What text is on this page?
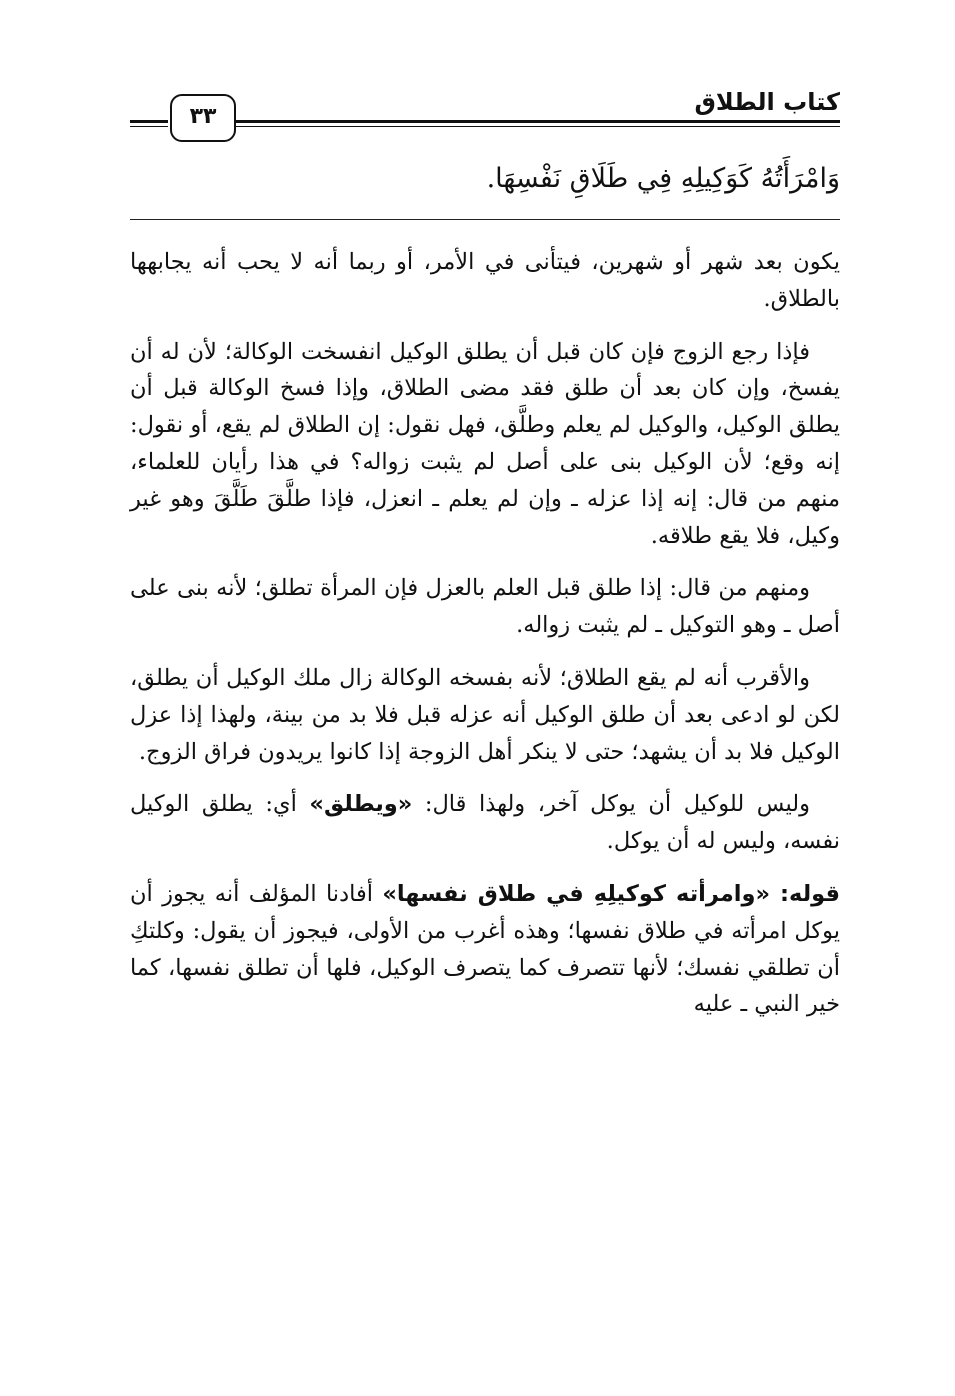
كتاب الطلاق
٣٣
وَامْرَأَتُهُ كَوَكِيلِهِ فِي طَلَاقِ نَفْسِهَا.

يكون بعد شهر أو شهرين، فيتأنى في الأمر، أو ربما أنه لا يحب أنه يجابهها بالطلاق.

فإذا رجع الزوج فإن كان قبل أن يطلق الوكيل انفسخت الوكالة؛ لأن له أن يفسخ، وإن كان بعد أن طلق فقد مضى الطلاق، وإذا فسخ الوكالة قبل أن يطلق الوكيل، والوكيل لم يعلم وطلَّق، فهل نقول: إن الطلاق لم يقع، أو نقول: إنه وقع؛ لأن الوكيل بنى على أصل لم يثبت زواله؟ في هذا رأيان للعلماء، منهم من قال: إنه إذا عزله ـ وإن لم يعلم ـ انعزل، فإذا طلَّقَ طَلَّقَ وهو غير وكيل، فلا يقع طلاقه.

ومنهم من قال: إذا طلق قبل العلم بالعزل فإن المرأة تطلق؛ لأنه بنى على أصل ـ وهو التوكيل ـ لم يثبت زواله.

والأقرب أنه لم يقع الطلاق؛ لأنه بفسخه الوكالة زال ملك الوكيل أن يطلق، لكن لو ادعى بعد أن طلق الوكيل أنه عزله قبل فلا بد من بينة، ولهذا إذا عزل الوكيل فلا بد أن يشهد؛ حتى لا ينكر أهل الزوجة إذا كانوا يريدون فراق الزوج.

وليس للوكيل أن يوكل آخر، ولهذا قال: «ويطلق» أي: يطلق الوكيل نفسه، وليس له أن يوكل.

قوله: «وامرأته كوكيلِهِ في طلاق نفسها» أفادنا المؤلف أنه يجوز أن يوكل امرأته في طلاق نفسها؛ وهذه أغرب من الأولى، فيجوز أن يقول: وكلتكِ أن تطلقي نفسك؛ لأنها تتصرف كما يتصرف الوكيل، فلها أن تطلق نفسها، كما خير النبي ـ عليه
